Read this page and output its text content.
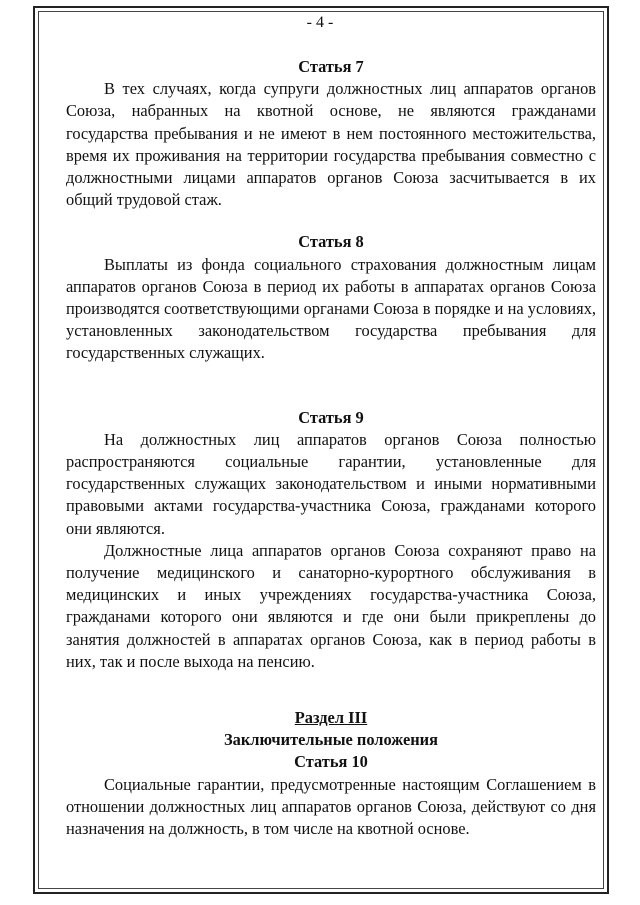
- 4 -

Статья 7

В тех случаях, когда супруги должностных лиц аппаратов органов Союза, набранных на квотной основе, не являются гражданами государства пребывания и не имеют в нем постоянного местожительства, время их проживания на территории государства пребывания совместно с должностными лицами аппаратов органов Союза засчитывается в их общий трудовой стаж.

Статья 8

Выплаты из фонда социального страхования должностным лицам аппаратов органов Союза в период их работы в аппаратах органов Союза производятся соответствующими органами Союза в порядке и на условиях, установленных законодательством государства пребывания для государственных служащих.

Статья 9

На должностных лиц аппаратов органов Союза полностью распространяются социальные гарантии, установленные для государственных служащих законодательством и иными нормативными правовыми актами государства-участника Союза, гражданами которого они являются.

Должностные лица аппаратов органов Союза сохраняют право на получение медицинского и санаторно-курортного обслуживания в медицинских и иных учреждениях государства-участника Союза, гражданами которого они являются и где они были прикреплены до занятия должностей в аппаратах органов Союза, как в период работы в них, так и после выхода на пенсию.

Раздел III

Заключительные положения

Статья 10

Социальные гарантии, предусмотренные настоящим Соглашением в отношении должностных лиц аппаратов органов Союза, действуют со дня назначения на должность, в том числе на квотной основе.
